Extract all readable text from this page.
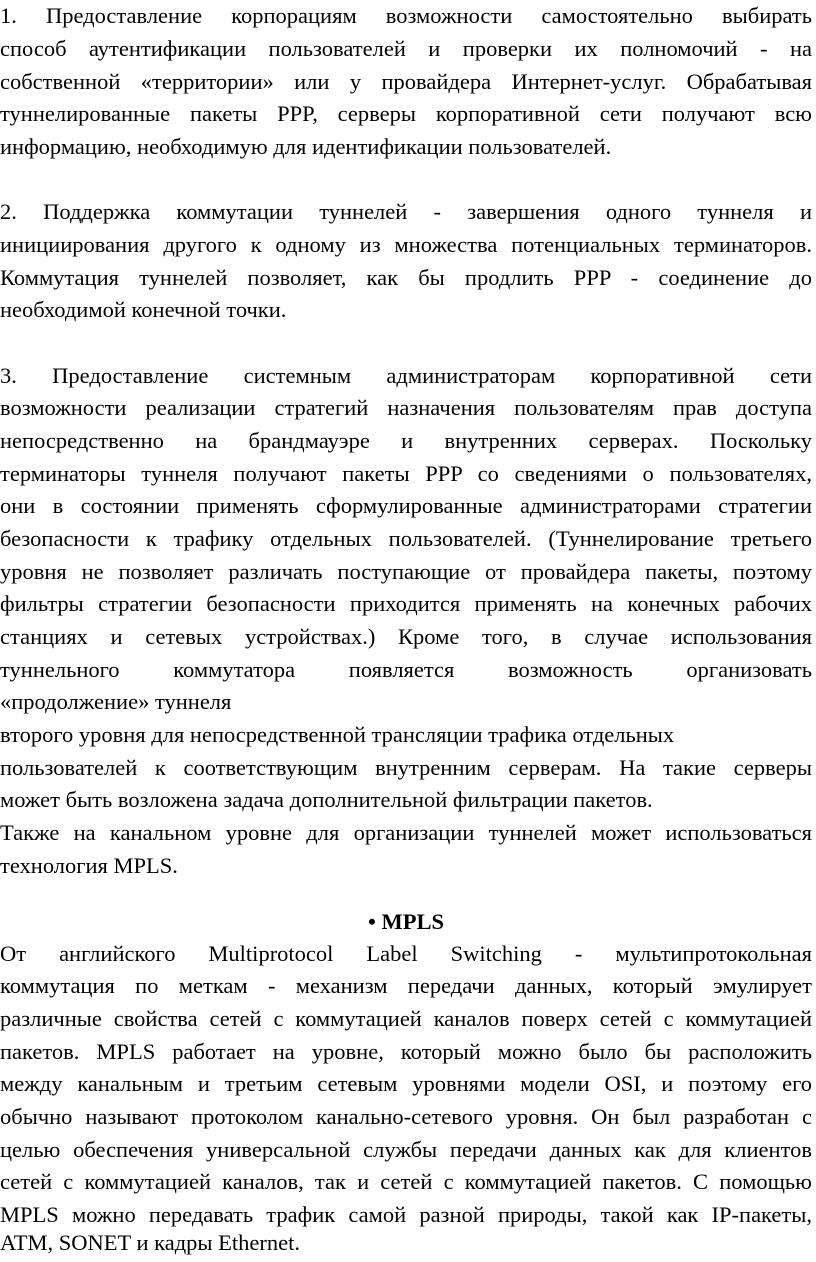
1. Предоставление корпорациям возможности самостоятельно выбирать
способ аутентификации пользователей и проверки их полномочий - на
собственной «территории» или у провайдера Интернет-услуг. Обрабатывая
туннелированные пакеты PPP, серверы корпоративной сети получают всю
информацию, необходимую для идентификации пользователей.
2. Поддержка коммутации туннелей - завершения одного туннеля и
инициирования другого к одному из множества потенциальных терминаторов.
Коммутация туннелей позволяет, как бы продлить PPP - соединение до
необходимой конечной точки.
3. Предоставление системным администраторам корпоративной сети
возможности реализации стратегий назначения пользователям прав доступа
непосредственно на брандмауэре и внутренних серверах. Поскольку
терминаторы туннеля получают пакеты PPP со сведениями о пользователях,
они в состоянии применять сформулированные администраторами стратегии
безопасности к трафику отдельных пользователей. (Туннелирование третьего
уровня не позволяет различать поступающие от провайдера пакеты, поэтому
фильтры стратегии безопасности приходится применять на конечных рабочих
станциях и сетевых устройствах.) Кроме того, в случае использования
туннельного коммутатора появляется возможность организовать
«продолжение» туннеля
второго уровня для непосредственной трансляции трафика отдельных
пользователей к соответствующим внутренним серверам. На такие серверы
может быть возложена задача дополнительной фильтрации пакетов.
Также на канальном уровне для организации туннелей может использоваться
технология MPLS.
• MPLS
От английского Multiprotocol Label Switching - мультипротокольная
коммутация по меткам - механизм передачи данных, который эмулирует
различные свойства сетей с коммутацией каналов поверх сетей с коммутацией
пакетов. MPLS работает на уровне, который можно было бы расположить
между канальным и третьим сетевым уровнями модели OSI, и поэтому его
обычно называют протоколом канально-сетевого уровня. Он был разработан с
целью обеспечения универсальной службы передачи данных как для клиентов
сетей с коммутацией каналов, так и сетей с коммутацией пакетов. С помощью
MPLS можно передавать трафик самой разной природы, такой как IP-пакеты,
ATM, SONET и кадры Ethernet.
